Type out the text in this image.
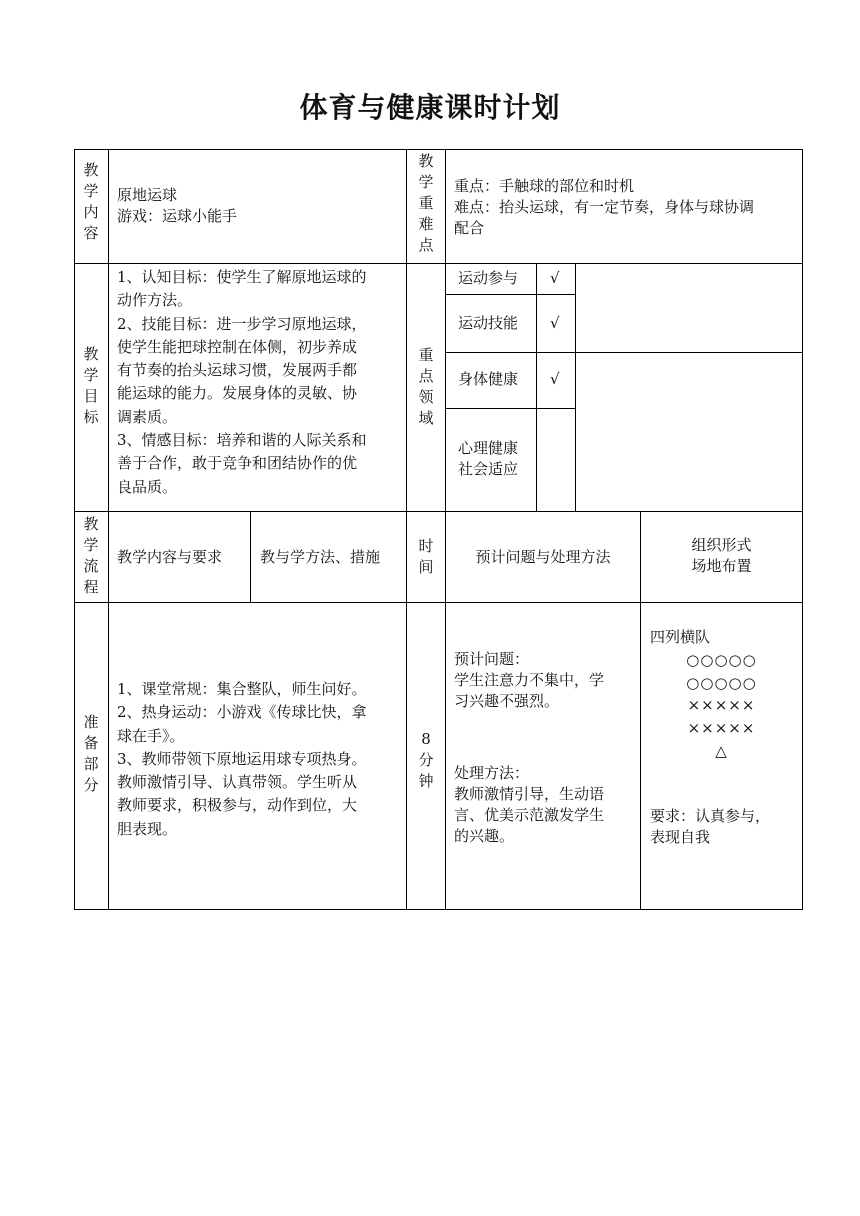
体育与健康课时计划
教
学
内
容
原地运球
游戏：运球小能手
教
学
重
难
点
重点：手触球的部位和时机
难点：抬头运球，有一定节奏，身体与球协调
配合
教
学
目
标
1、认知目标：使学生了解原地运球的
动作方法。
2、技能目标：进一步学习原地运球，
使学生能把球控制在体侧，初步养成
有节奏的抬头运球习惯，发展两手都
能运球的能力。发展身体的灵敏、协
调素质。
3、情感目标：培养和谐的人际关系和
善于合作，敢于竞争和团结协作的优
良品质。
重
点
领
域
运动参与 √
运动技能 √
身体健康 √
心理健康
社会适应
教
学
流
程
教学内容与要求	教与学方法、措施
时
间
预计问题与处理方法
组织形式
场地布置
准
备
部
分
1、课堂常规：集合整队，师生问好。
2、热身运动：小游戏《传球比快，拿
球在手》。
3、教师带领下原地运用球专项热身。
教师激情引导、认真带领。学生听从
教师要求，积极参与，动作到位，大
胆表现。
8
分
钟
预计问题：
学生注意力不集中，学
习兴趣不强烈。
处理方法：
教师激情引导，生动语
言、优美示范激发学生
的兴趣。
四列横队
○○○○○
○○○○○
×××××
×××××
△
要求：认真参与，
表现自我
